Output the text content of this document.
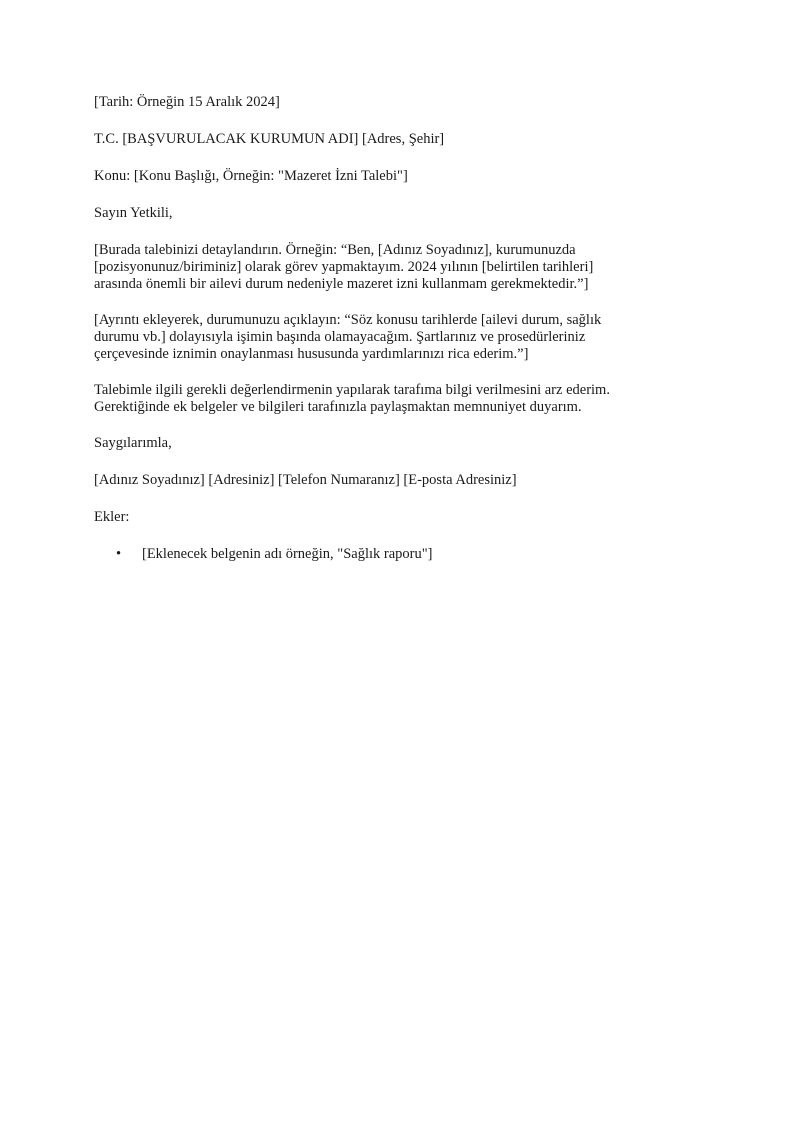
[Tarih: Örneğin 15 Aralık 2024]

T.C. [BAŞVURULACAK KURUMUN ADI] [Adres, Şehir]

Konu: [Konu Başlığı, Örneğin: "Mazeret İzni Talebi"]

Sayın Yetkili,

[Burada talebinizi detaylandırın. Örneğin: “Ben, [Adınız Soyadınız], kurumunuzda
[pozisyonunuz/biriminiz] olarak görev yapmaktayım. 2024 yılının [belirtilen tarihleri]
arasında önemli bir ailevi durum nedeniyle mazeret izni kullanmam gerekmektedir.”]

[Ayrıntı ekleyerek, durumunuzu açıklayın: “Söz konusu tarihlerde [ailevi durum, sağlık
durumu vb.] dolayısıyla işimin başında olamayacağım. Şartlarınız ve prosedürleriniz
çerçevesinde iznimin onaylanması hususunda yardımlarınızı rica ederim.”]

Talebimle ilgili gerekli değerlendirmenin yapılarak tarafıma bilgi verilmesini arz ederim.
Gerektiğinde ek belgeler ve bilgileri tarafınızla paylaşmaktan memnuniyet duyarım.

Saygılarımla,

[Adınız Soyadınız] [Adresiniz] [Telefon Numaranız] [E-posta Adresiniz]

Ekler:

• [Eklenecek belgenin adı örneğin, "Sağlık raporu"]
